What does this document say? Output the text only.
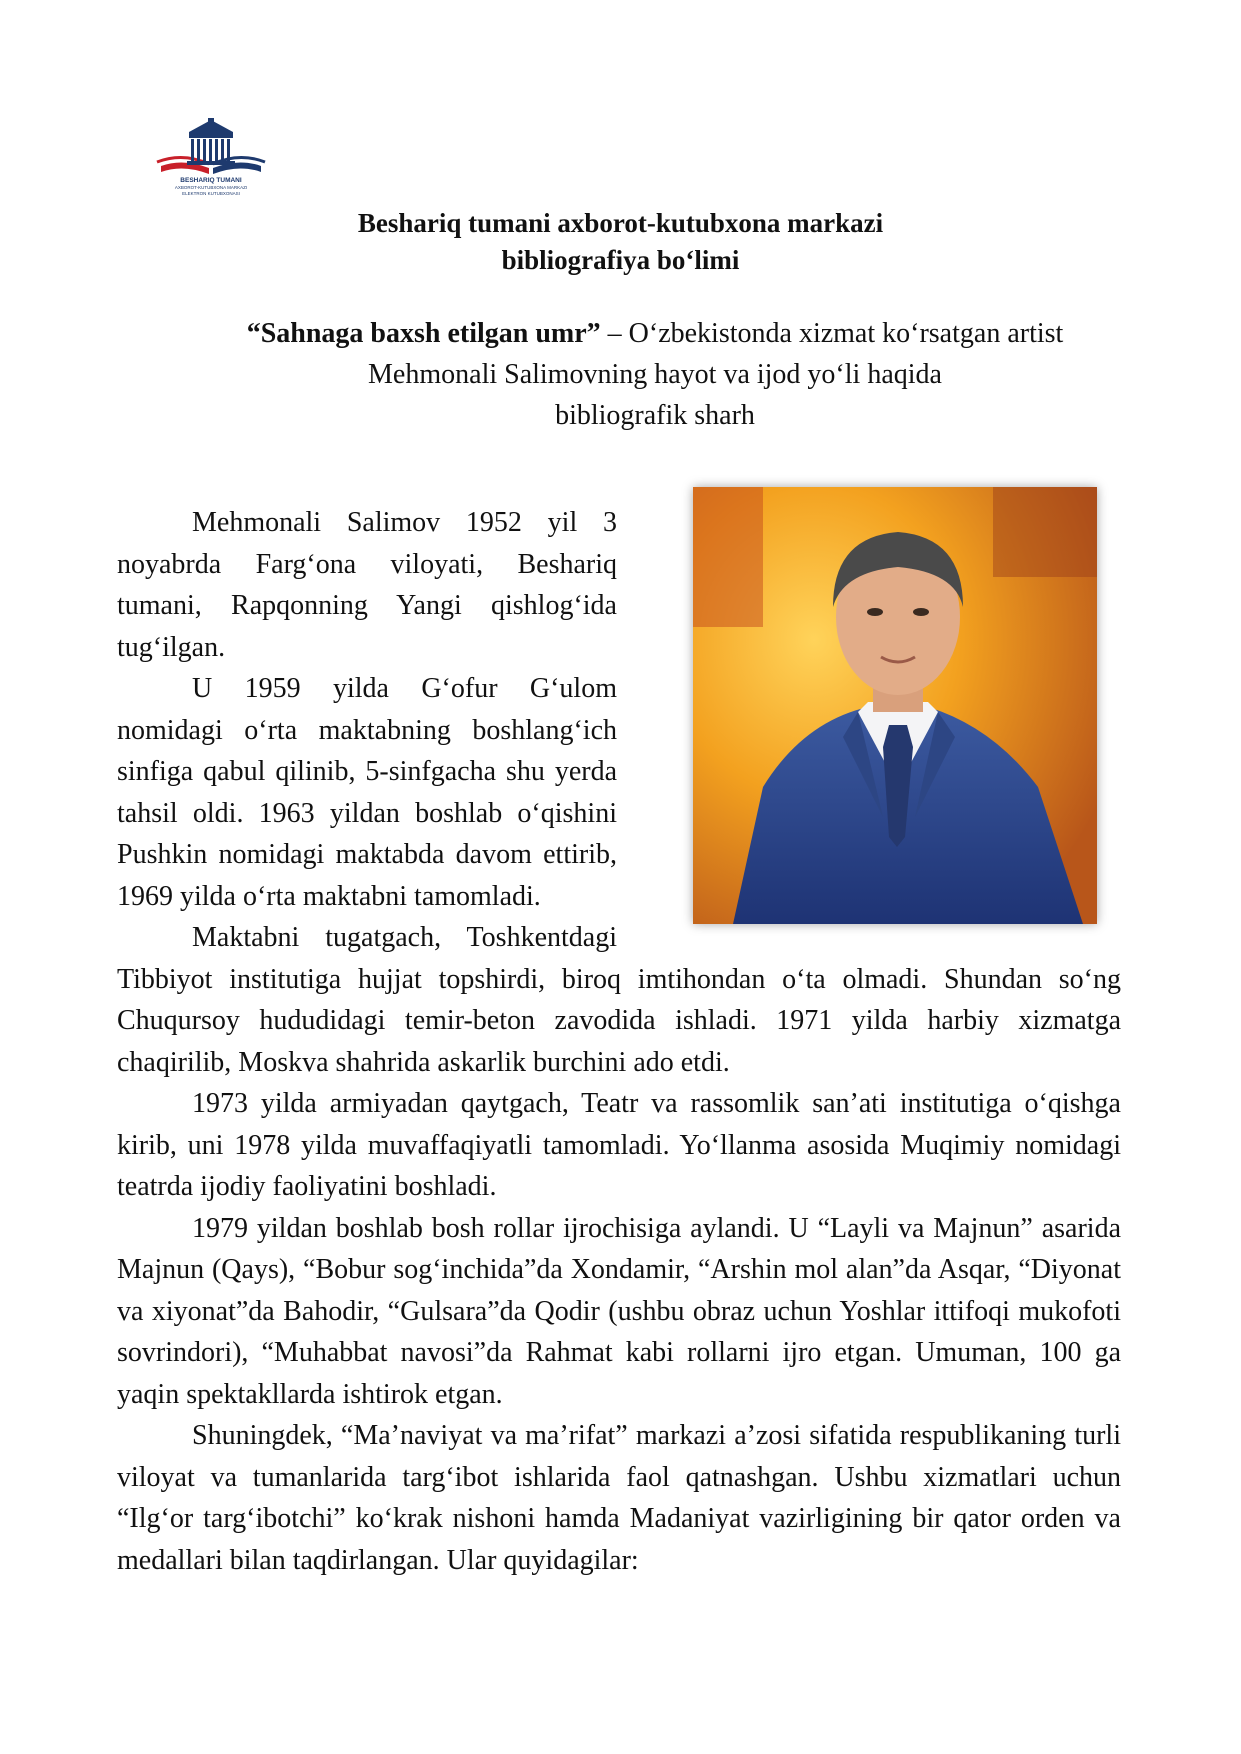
BESHARIQ TUMANI
AXBOROT-KUTUBXONA MARKAZI
ELEKTRON KUTUBXONASI
Beshariq tumani axborot-kutubxona markazi
bibliografiya bo‘limi
“Sahnaga baxsh etilgan umr” – O‘zbekistonda xizmat ko‘rsatgan artist
Mehmonali Salimovning hayot va ijod yo‘li haqida
bibliografik sharh

Mehmonali Salimov 1952 yil 3 noyabrda Farg‘ona viloyati, Beshariq tumani, Rapqonning Yangi qishlog‘ida tug‘ilgan.

U 1959 yilda G‘ofur G‘ulom nomidagi o‘rta maktabning boshlang‘ich sinfiga qabul qilinib, 5-sinfgacha shu yerda tahsil oldi. 1963 yildan boshlab o‘qishini Pushkin nomidagi maktabda davom ettirib, 1969 yilda o‘rta maktabni tamomladi.

Maktabni tugatgach, Toshkentdagi Tibbiyot institutiga hujjat topshirdi, biroq imtihondan o‘ta olmadi. Shundan so‘ng Chuqursoy hududidagi temir-beton zavodida ishladi. 1971 yilda harbiy xizmatga chaqirilib, Moskva shahrida askarlik burchini ado etdi.

1973 yilda armiyadan qaytgach, Teatr va rassomlik san’ati institutiga o‘qishga kirib, uni 1978 yilda muvaffaqiyatli tamomladi. Yo‘llanma asosida Muqimiy nomidagi teatrda ijodiy faoliyatini boshladi.

1979 yildan boshlab bosh rollar ijrochisiga aylandi. U “Layli va Majnun” asarida Majnun (Qays), “Bobur sog‘inchida”da Xondamir, “Arshin mol alan”da Asqar, “Diyonat va xiyonat”da Bahodir, “Gulsara”da Qodir (ushbu obraz uchun Yoshlar ittifoqi mukofoti sovrindori), “Muhabbat navosi”da Rahmat kabi rollarni ijro etgan. Umuman, 100 ga yaqin spektakllarda ishtirok etgan.

Shuningdek, “Ma’naviyat va ma’rifat” markazi a’zosi sifatida respublikaning turli viloyat va tumanlarida targ‘ibot ishlarida faol qatnashgan. Ushbu xizmatlari uchun “Ilg‘or targ‘ibotchi” ko‘krak nishoni hamda Madaniyat vazirligining bir qator orden va medallari bilan taqdirlangan. Ular quyidagilar:
